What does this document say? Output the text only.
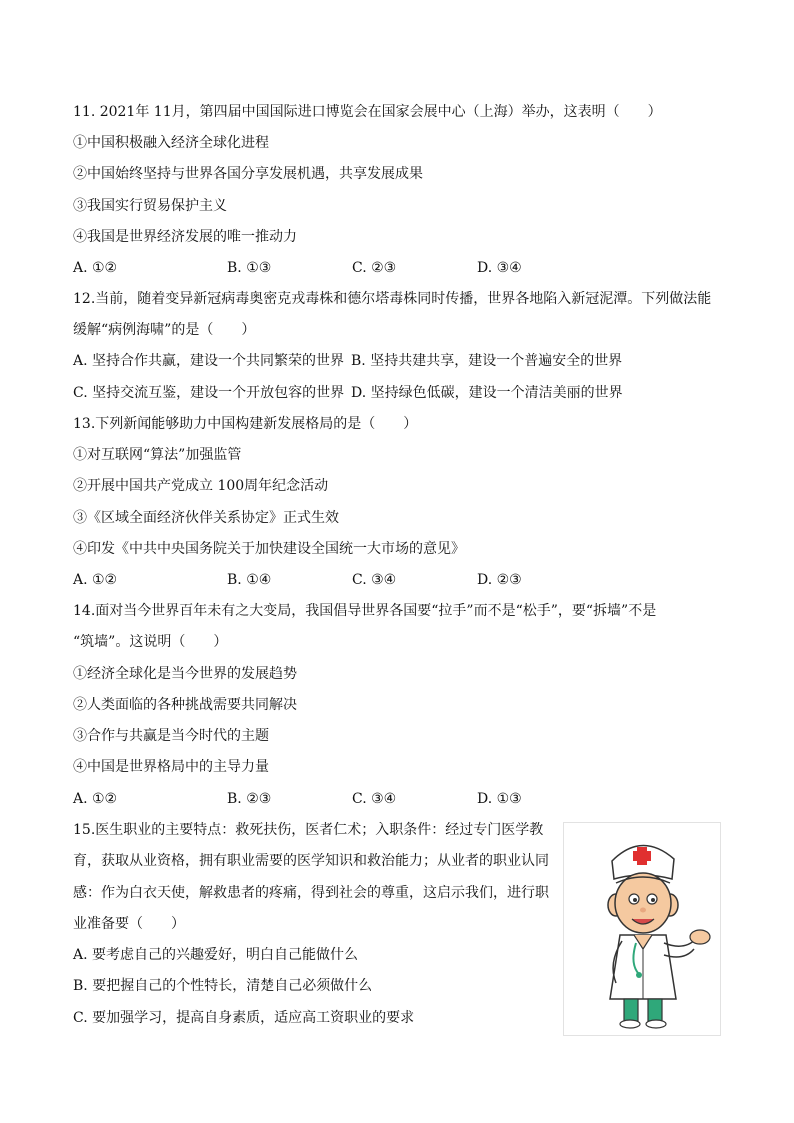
11. 2021年 11月，第四届中国国际进口博览会在国家会展中心（上海）举办，这表明（　　）
①中国积极融入经济全球化进程
②中国始终坚持与世界各国分享发展机遇，共享发展成果
③我国实行贸易保护主义
④我国是世界经济发展的唯一推动力
A. ①②	B. ①③	C. ②③	D. ③④
12.当前，随着变异新冠病毒奥密克戎毒株和德尔塔毒株同时传播，世界各地陷入新冠泥潭。下列做法能
缓解“病例海啸”的是（　　）
A. 坚持合作共赢，建设一个共同繁荣的世界 B. 坚持共建共享，建设一个普遍安全的世界
C. 坚持交流互鉴，建设一个开放包容的世界 D. 坚持绿色低碳，建设一个清洁美丽的世界
13.下列新闻能够助力中国构建新发展格局的是（　　）
①对互联网“算法”加强监管
②开展中国共产党成立 100周年纪念活动
③《区域全面经济伙伴关系协定》正式生效
④印发《中共中央国务院关于加快建设全国统一大市场的意见》
A. ①②	B. ①④	C. ③④	D. ②③
14.面对当今世界百年未有之大变局，我国倡导世界各国要“拉手”而不是“松手”，要“拆墙”不是
“筑墙”。这说明（　　）
①经济全球化是当今世界的发展趋势
②人类面临的各种挑战需要共同解决
③合作与共赢是当今时代的主题
④中国是世界格局中的主导力量
A. ①②	B. ②③	C. ③④	D. ①③
15.医生职业的主要特点：救死扶伤，医者仁术；入职条件：经过专门医学教
育，获取从业资格，拥有职业需要的医学知识和救治能力；从业者的职业认同
感：作为白衣天使，解救患者的疼痛，得到社会的尊重，这启示我们，进行职
业准备要（　　）
A. 要考虑自己的兴趣爱好，明白自己能做什么
B. 要把握自己的个性特长，清楚自己必须做什么
C. 要加强学习，提高自身素质，适应高工资职业的要求
